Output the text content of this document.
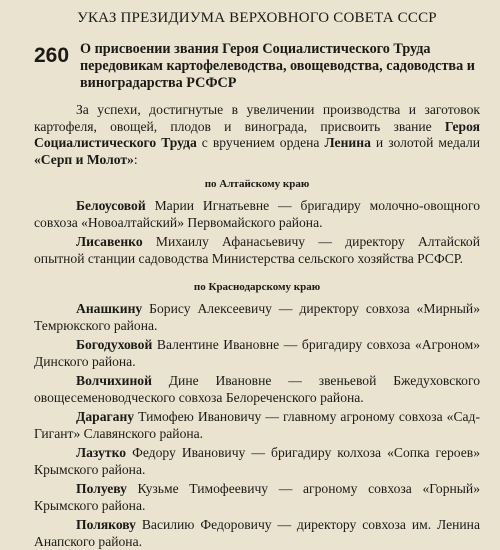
УКАЗ ПРЕЗИДИУМА ВЕРХОВНОГО СОВЕТА СССР
260 О присвоении звания Героя Социалистического Труда передовикам картофелеводства, овощеводства, садоводства и виноградарства РСФСР

За успехи, достигнутые в увеличении производства и заготовок картофеля, овощей, плодов и винограда, присвоить звание Героя Социалистического Труда с вручением ордена Ленина и золотой медали «Серп и Молот»:

по Алтайскому краю

Белоусовой Марии Игнатьевне — бригадиру молочно-овощного совхоза «Новоалтайский» Первомайского района.

Лисавенко Михаилу Афанасьевичу — директору Алтайской опытной станции садоводства Министерства сельского хозяйства РСФСР.

по Краснодарскому краю

Анашкину Борису Алексеевичу — директору совхоза «Мирный» Темрюкского района.

Богодуховой Валентине Ивановне — бригадиру совхоза «Агроном» Динского района.

Волчихиной Дине Ивановне — звеньевой Бжедуховского овощесеменоводческого совхоза Белореченского района.

Дарагану Тимофею Ивановичу — главному агроному совхоза «Сад-Гигант» Славянского района.

Лазутко Федору Ивановичу — бригадиру колхоза «Сопка героев» Крымского района.

Полуеву Кузьме Тимофеевичу — агроному совхоза «Горный» Крымского района.

Полякову Василию Федоровичу — директору совхоза им. Ленина Анапского района.
